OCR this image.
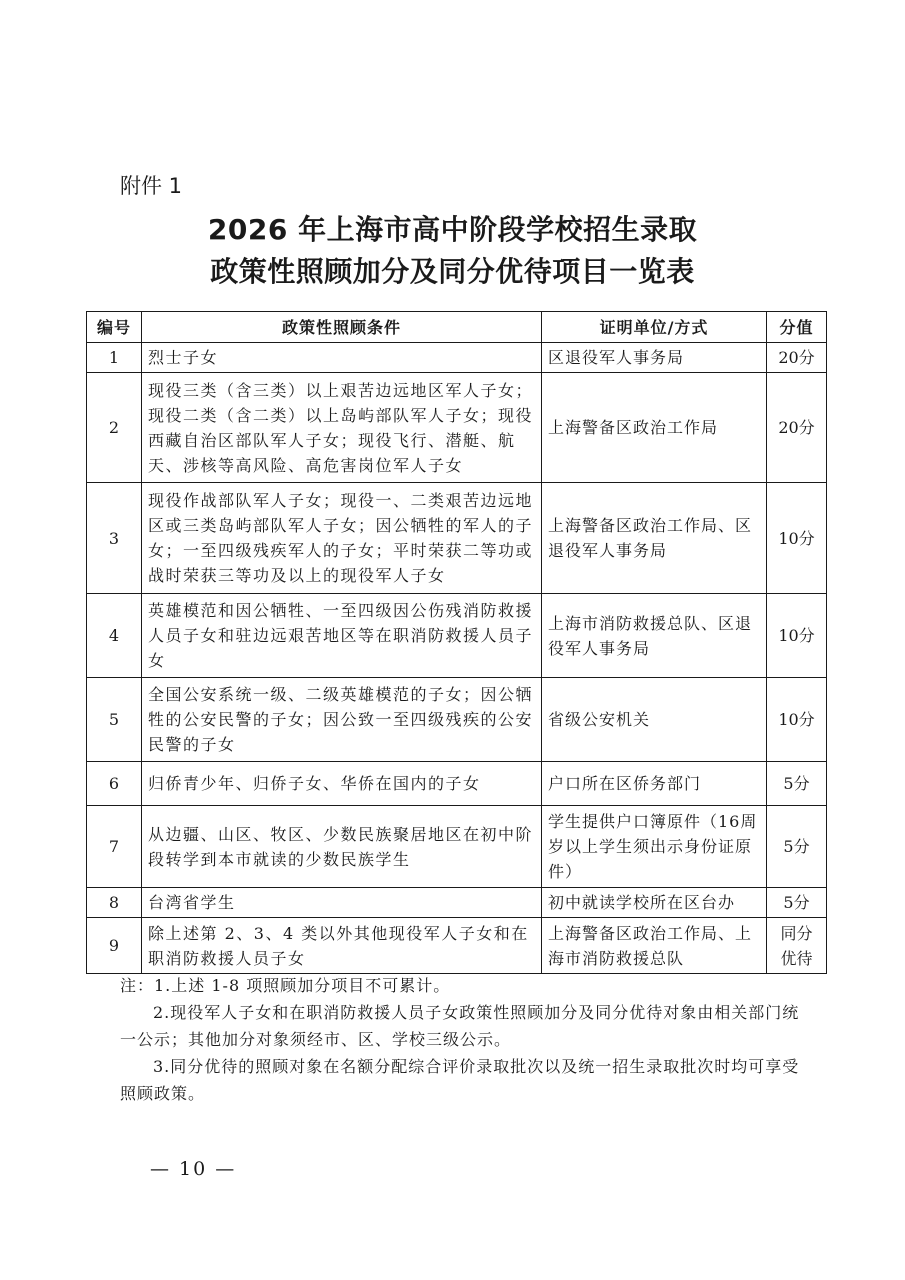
附件 1
2026 年上海市高中阶段学校招生录取
政策性照顾加分及同分优待项目一览表
编号	政策性照顾条件	证明单位/方式	分值
1	烈士子女	区退役军人事务局	20分
2	现役三类（含三类）以上艰苦边远地区军人子女；现役二类（含二类）以上岛屿部队军人子女；现役西藏自治区部队军人子女；现役飞行、潜艇、航天、涉核等高风险、高危害岗位军人子女	上海警备区政治工作局	20分
3	现役作战部队军人子女；现役一、二类艰苦边远地区或三类岛屿部队军人子女；因公牺牲的军人的子女；一至四级残疾军人的子女；平时荣获二等功或战时荣获三等功及以上的现役军人子女	上海警备区政治工作局、区退役军人事务局	10分
4	英雄模范和因公牺牲、一至四级因公伤残消防救援人员子女和驻边远艰苦地区等在职消防救援人员子女	上海市消防救援总队、区退役军人事务局	10分
5	全国公安系统一级、二级英雄模范的子女；因公牺牲的公安民警的子女；因公致一至四级残疾的公安民警的子女	省级公安机关	10分
6	归侨青少年、归侨子女、华侨在国内的子女	户口所在区侨务部门	5分
7	从边疆、山区、牧区、少数民族聚居地区在初中阶段转学到本市就读的少数民族学生	学生提供户口簿原件（16周岁以上学生须出示身份证原件）	5分
8	台湾省学生	初中就读学校所在区台办	5分
9	除上述第 2、3、4 类以外其他现役军人子女和在职消防救援人员子女	上海警备区政治工作局、上海市消防救援总队	同分优待

注：1.上述 1-8 项照顾加分项目不可累计。

2.现役军人子女和在职消防救援人员子女政策性照顾加分及同分优待对象由相关部门统一公示；其他加分对象须经市、区、学校三级公示。

3.同分优待的照顾对象在名额分配综合评价录取批次以及统一招生录取批次时均可享受照顾政策。

— 10 —
